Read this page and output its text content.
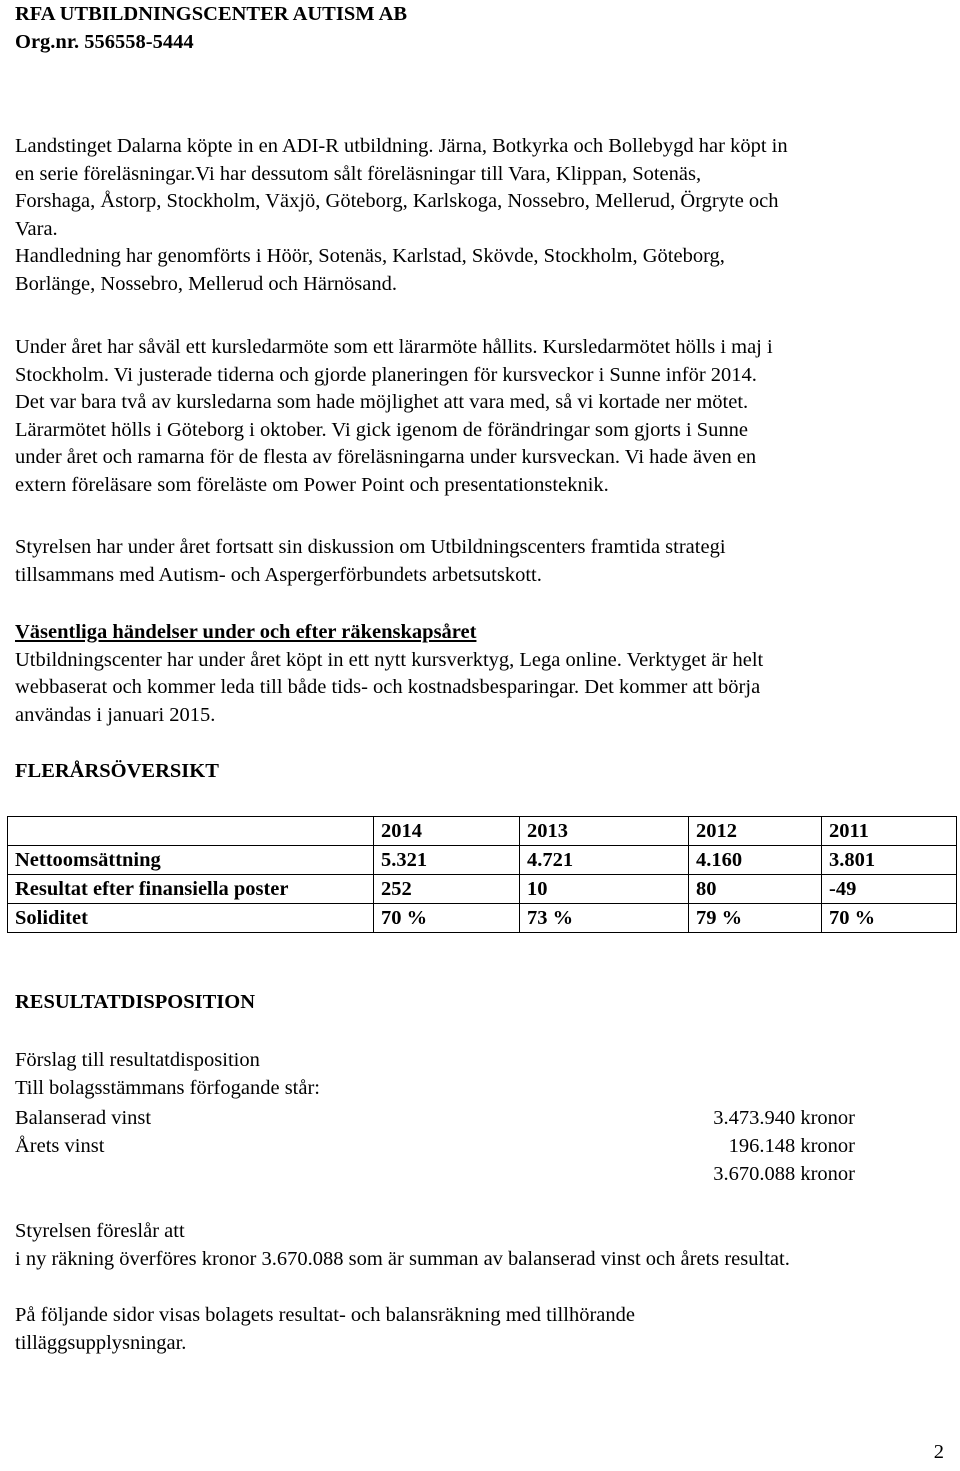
RFA UTBILDNINGSCENTER AUTISM AB
Org.nr. 556558-5444

Landstinget Dalarna köpte in en ADI-R utbildning. Järna, Botkyrka och Bollebygd har köpt in

en serie föreläsningar.Vi har dessutom sålt föreläsningar till Vara, Klippan, Sotenäs,

Forshaga, Åstorp, Stockholm, Växjö, Göteborg, Karlskoga, Nossebro, Mellerud, Örgryte och

Vara.

Handledning har genomförts i Höör, Sotenäs, Karlstad, Skövde, Stockholm, Göteborg,

Borlänge, Nossebro, Mellerud och Härnösand.

Under året har såväl ett kursledarmöte som ett lärarmöte hållits. Kursledarmötet hölls i maj i

Stockholm. Vi justerade tiderna och gjorde planeringen för kursveckor i Sunne inför 2014.

Det var bara två av kursledarna som hade möjlighet att vara med, så vi kortade ner mötet.

Lärarmötet hölls i Göteborg i oktober. Vi gick igenom de förändringar som gjorts i Sunne

under året och ramarna för de flesta av föreläsningarna under kursveckan. Vi hade även en

extern föreläsare som föreläste om Power Point och presentationsteknik.

Styrelsen har under året fortsatt sin diskussion om Utbildningscenters framtida strategi

tillsammans med Autism- och Aspergerförbundets arbetsutskott.

Väsentliga händelser under och efter räkenskapsåret

Utbildningscenter har under året köpt in ett nytt kursverktyg, Lega online. Verktyget är helt

webbaserat och kommer leda till både tids- och kostnadsbesparingar. Det kommer att börja

användas i januari 2015.

FLERÅRSÖVERSIKT
	2014	2013	2012	2011
Nettoomsättning	5.321	4.721	4.160	3.801
Resultat efter finansiella poster	252	10	80	-49
Soliditet	70 %	73 %	79 %	70 %
RESULTATDISPOSITION

Förslag till resultatdisposition

Till bolagsstämmans förfogande står:

Balanserad vinst	3.473.940 kronor
Årets vinst	196.148 kronor
3.670.088 kronor

Styrelsen föreslår att

i ny räkning överföres kronor 3.670.088 som är summan av balanserad vinst och årets resultat.

På följande sidor visas bolagets resultat- och balansräkning med tillhörande

tilläggsupplysningar.

2
